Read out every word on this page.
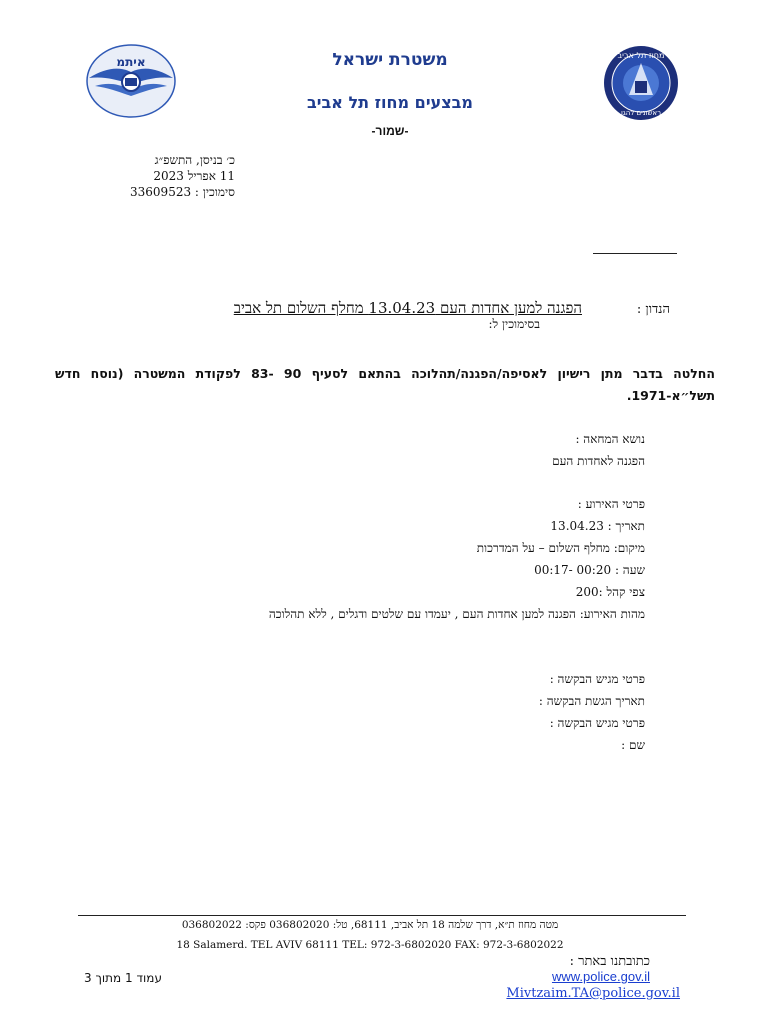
איתמ	מחוז תל אביב
ראשונים להגן
משטרת ישראל
מבצעים מחוז תל אביב
-שמור-
כ׳ בניסן, התשפ״ג
11 אפריל 2023
סימוכין : 33609523
הנדון :
הפגנה למען אחדות העם 13.04.23 מחלף השלום תל אביב
בסימוכין ל:
החלטה בדבר מתן רישיון לאסיפה/הפגנה/תהלוכה בהתאם לסעיף 90 -83 לפקודת המשטרה (נוסח חדש תשל״א-1971.
נושא המחאה :
הפגנה לאחדות העם
פרטי האירוע :
תאריך : 13.04.23
מיקום: מחלף השלום – על המדרכות
שעה : 00:20 -00:17
צפי קהל :200
מהות האירוע: הפגנה למען אחדות העם , יעמדו עם שלטים ודגלים , ללא תהלוכה
פרטי מגיש הבקשה :
תאריך הגשת הבקשה :
פרטי מגיש הבקשה :
שם :
מטה מחוז ת״א, דרך שלמה 18 תל אביב, 68111, טל: 036802020 פקס: 036802022
18 Salamerd. TEL AVIV 68111 TEL: 972-3-6802020 FAX: 972-3-6802022
כתובתנו באתר :
www.police.gov.il
Mivtzaim.TA@police.gov.il
עמוד 1 מתוך 3
